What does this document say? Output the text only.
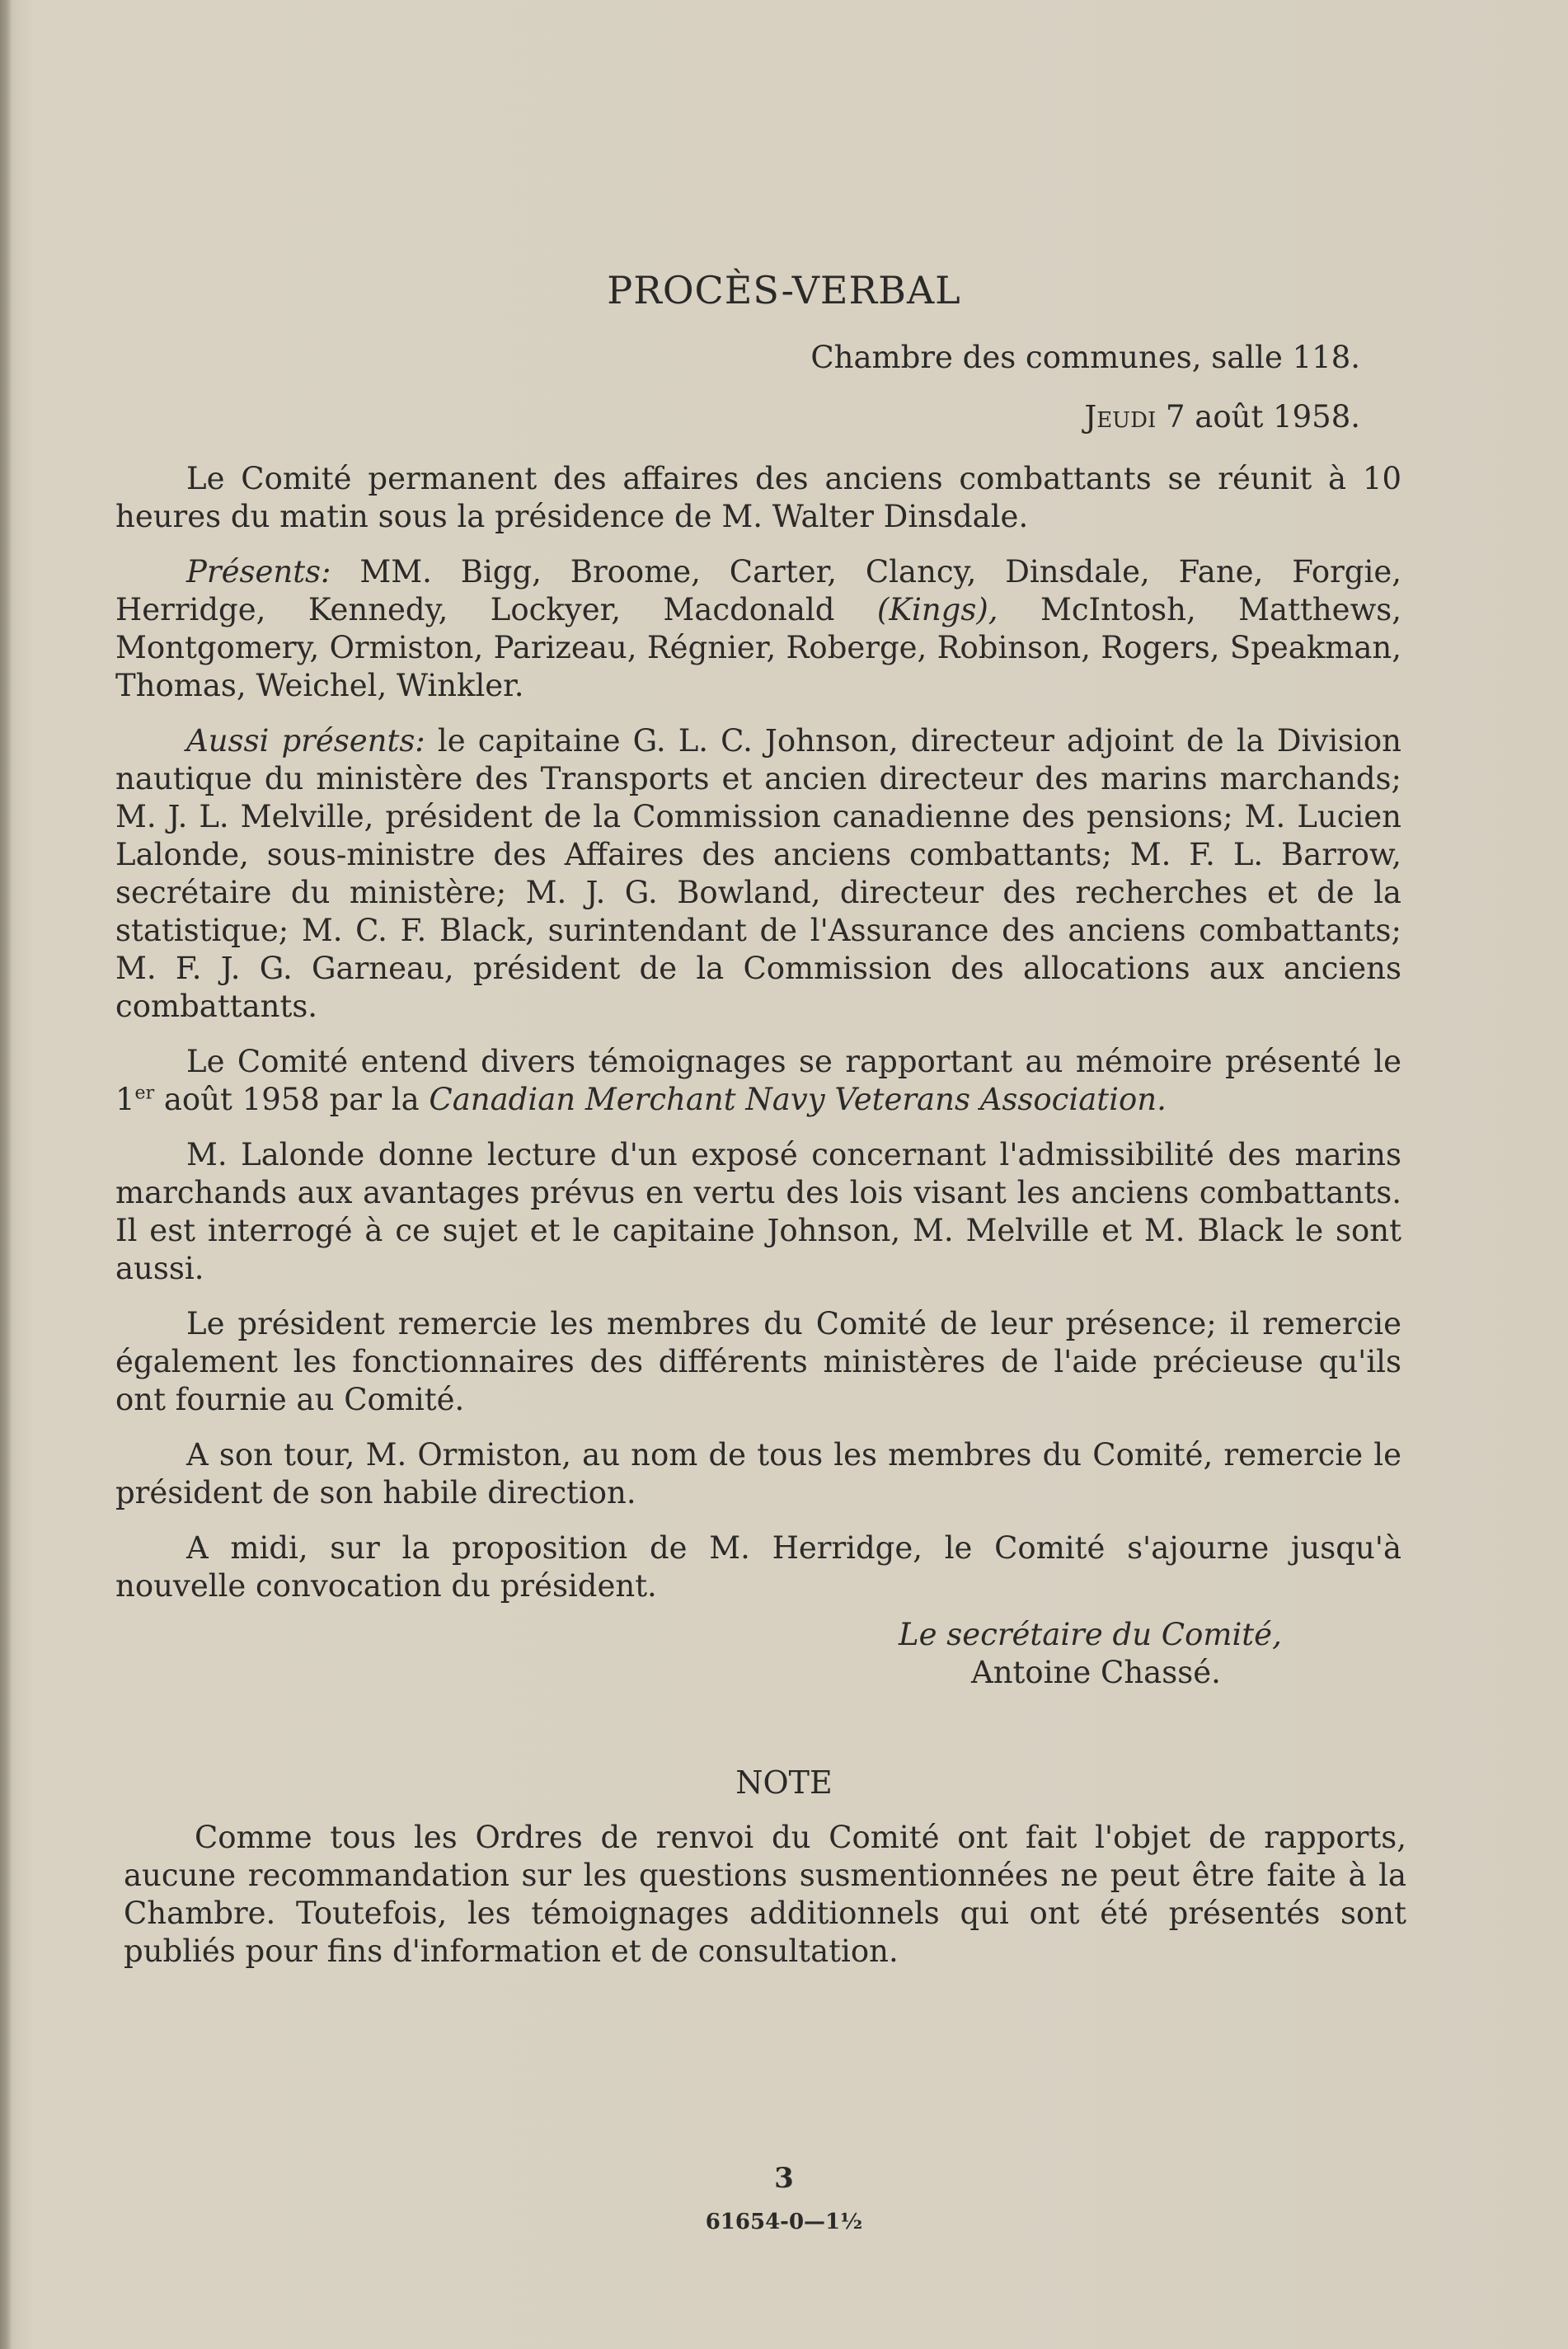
PROCÈS-VERBAL
Chambre des communes, salle 118.
Jeudi 7 août 1958.

Le Comité permanent des affaires des anciens combattants se réunit à 10 heures du matin sous la présidence de M. Walter Dinsdale.

Présents: MM. Bigg, Broome, Carter, Clancy, Dinsdale, Fane, Forgie, Herridge, Kennedy, Lockyer, Macdonald (Kings), McIntosh, Matthews, Montgomery, Ormiston, Parizeau, Régnier, Roberge, Robinson, Rogers, Speakman, Thomas, Weichel, Winkler.

Aussi présents: le capitaine G. L. C. Johnson, directeur adjoint de la Division nautique du ministère des Transports et ancien directeur des marins marchands; M. J. L. Melville, président de la Commission canadienne des pensions; M. Lucien Lalonde, sous-ministre des Affaires des anciens combattants; M. F. L. Barrow, secrétaire du ministère; M. J. G. Bowland, directeur des recherches et de la statistique; M. C. F. Black, surintendant de l'Assurance des anciens combattants; M. F. J. G. Garneau, président de la Commission des allocations aux anciens combattants.

Le Comité entend divers témoignages se rapportant au mémoire présenté le 1er août 1958 par la Canadian Merchant Navy Veterans Association.

M. Lalonde donne lecture d'un exposé concernant l'admissibilité des marins marchands aux avantages prévus en vertu des lois visant les anciens combattants. Il est interrogé à ce sujet et le capitaine Johnson, M. Melville et M. Black le sont aussi.

Le président remercie les membres du Comité de leur présence; il remercie également les fonctionnaires des différents ministères de l'aide précieuse qu'ils ont fournie au Comité.

A son tour, M. Ormiston, au nom de tous les membres du Comité, remercie le président de son habile direction.

A midi, sur la proposition de M. Herridge, le Comité s'ajourne jusqu'à nouvelle convocation du président.

Le secrétaire du Comité,
Antoine Chassé.
NOTE

Comme tous les Ordres de renvoi du Comité ont fait l'objet de rapports, aucune recommandation sur les questions susmentionnées ne peut être faite à la Chambre. Toutefois, les témoignages additionnels qui ont été présentés sont publiés pour fins d'information et de consultation.

3
61654-0—1½
